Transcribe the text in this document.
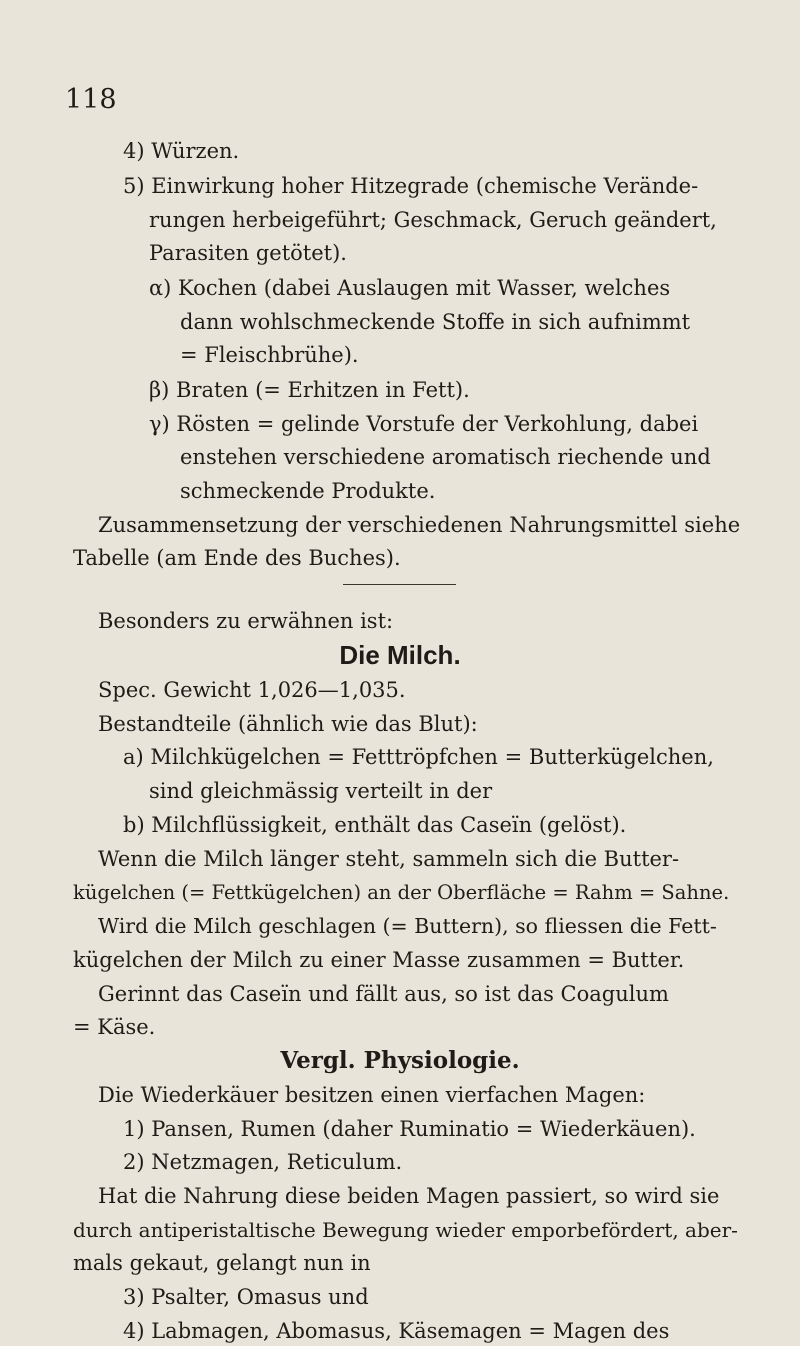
118
4) Würzen.
5) Einwirkung hoher Hitzegrade (chemische Verände-
rungen herbeigeführt; Geschmack, Geruch geändert,
Parasiten getötet).
α) Kochen (dabei Auslaugen mit Wasser, welches
dann wohlschmeckende Stoffe in sich aufnimmt
= Fleischbrühe).
β) Braten (= Erhitzen in Fett).
γ) Rösten = gelinde Vorstufe der Verkohlung, dabei
enstehen verschiedene aromatisch riechende und
schmeckende Produkte.
Zusammensetzung der verschiedenen Nahrungsmittel siehe
Tabelle (am Ende des Buches).
Besonders zu erwähnen ist:
Die Milch.
Spec. Gewicht 1,026—1,035.
Bestandteile (ähnlich wie das Blut):
a) Milchkügelchen = Fetttröpfchen = Butterkügelchen,
sind gleichmässig verteilt in der
b) Milchflüssigkeit, enthält das Caseïn (gelöst).
Wenn die Milch länger steht, sammeln sich die Butter-
kügelchen (= Fettkügelchen) an der Oberfläche = Rahm = Sahne.
Wird die Milch geschlagen (= Buttern), so fliessen die Fett-
kügelchen der Milch zu einer Masse zusammen = Butter.
Gerinnt das Caseïn und fällt aus, so ist das Coagulum
= Käse.
Vergl. Physiologie.
Die Wiederkäuer besitzen einen vierfachen Magen:
1) Pansen, Rumen (daher Ruminatio = Wiederkäuen).
2) Netzmagen, Reticulum.
Hat die Nahrung diese beiden Magen passiert, so wird sie
durch antiperistaltische Bewegung wieder emporbefördert, aber-
mals gekaut, gelangt nun in
3) Psalter, Omasus und
4) Labmagen, Abomasus, Käsemagen = Magen des
